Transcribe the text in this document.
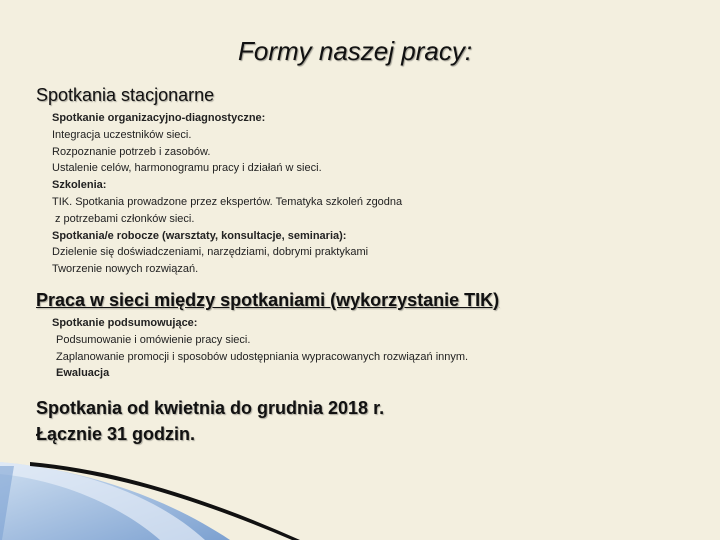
Formy naszej pracy:
Spotkania stacjonarne
Spotkanie organizacyjno-diagnostyczne:
Integracja uczestników sieci.
Rozpoznanie potrzeb i zasobów.
Ustalenie celów, harmonogramu pracy i działań w sieci.
Szkolenia:
TIK. Spotkania prowadzone przez ekspertów. Tematyka szkoleń zgodna
z potrzebami członków sieci.
Spotkania/e robocze (warsztaty, konsultacje, seminaria):
Dzielenie się doświadczeniami, narzędziami, dobrymi praktykami
Tworzenie nowych rozwiązań.
Praca w sieci między spotkaniami (wykorzystanie TIK)
Spotkanie podsumowujące:
Podsumowanie i omówienie pracy sieci.
Zaplanowanie promocji i sposobów udostępniania wypracowanych rozwiązań innym.
Ewaluacja
Spotkania od kwietnia do grudnia 2018 r.
Łącznie 31 godzin.
